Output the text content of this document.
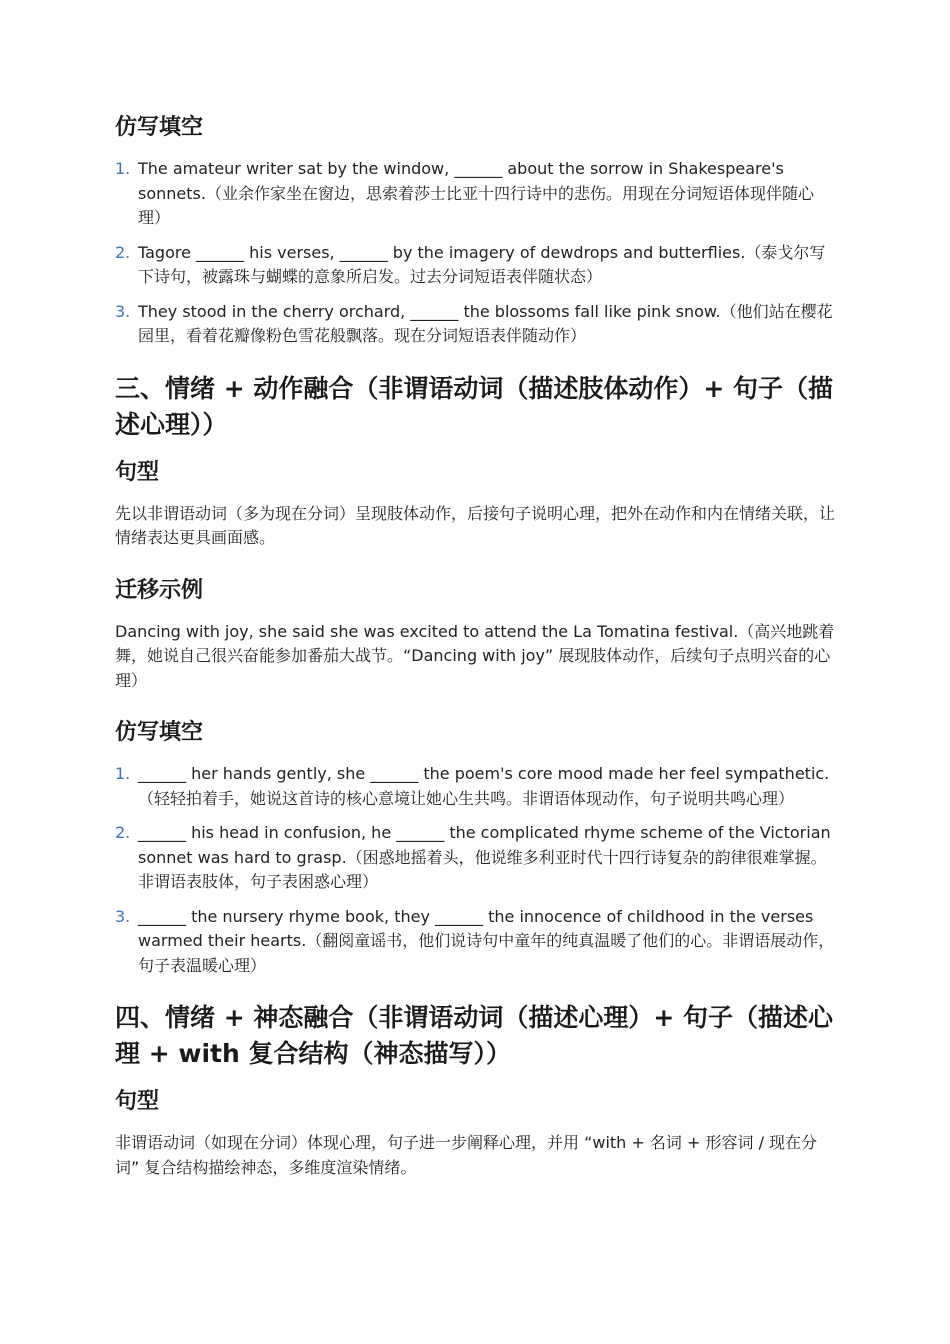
仿写填空
1. The amateur writer sat by the window, ______ about the sorrow in Shakespeare's sonnets.（业余作家坐在窗边，思索着莎士比亚十四行诗中的悲伤。用现在分词短语体现伴随心理）
2. Tagore ______ his verses, ______ by the imagery of dewdrops and butterflies.（泰戈尔写下诗句，被露珠与蝴蝶的意象所启发。过去分词短语表伴随状态）
3. They stood in the cherry orchard, ______ the blossoms fall like pink snow.（他们站在樱花园里，看着花瓣像粉色雪花般飘落。现在分词短语表伴随动作）
三、情绪 + 动作融合（非谓语动词（描述肢体动作）+ 句子（描述心理））
句型
先以非谓语动词（多为现在分词）呈现肢体动作，后接句子说明心理，把外在动作和内在情绪关联，让情绪表达更具画面感。
迁移示例
Dancing with joy, she said she was excited to attend the La Tomatina festival.（高兴地跳着舞，她说自己很兴奋能参加番茄大战节。“Dancing with joy” 展现肢体动作，后续句子点明兴奋的心理）
仿写填空
1. ______ her hands gently, she ______ the poem's core mood made her feel sympathetic.（轻轻拍着手，她说这首诗的核心意境让她心生共鸣。非谓语体现动作，句子说明共鸣心理）
2. ______ his head in confusion, he ______ the complicated rhyme scheme of the Victorian sonnet was hard to grasp.（困惑地摇着头，他说维多利亚时代十四行诗复杂的韵律很难掌握。非谓语表肢体，句子表困惑心理）
3. ______ the nursery rhyme book, they ______ the innocence of childhood in the verses warmed their hearts.（翻阅童谣书，他们说诗句中童年的纯真温暖了他们的心。非谓语展动作，句子表温暖心理）
四、情绪 + 神态融合（非谓语动词（描述心理）+ 句子（描述心理 + with 复合结构（神态描写））
句型
非谓语动词（如现在分词）体现心理，句子进一步阐释心理，并用 “with + 名词 + 形容词 / 现在分词” 复合结构描绘神态，多维度渲染情绪。
